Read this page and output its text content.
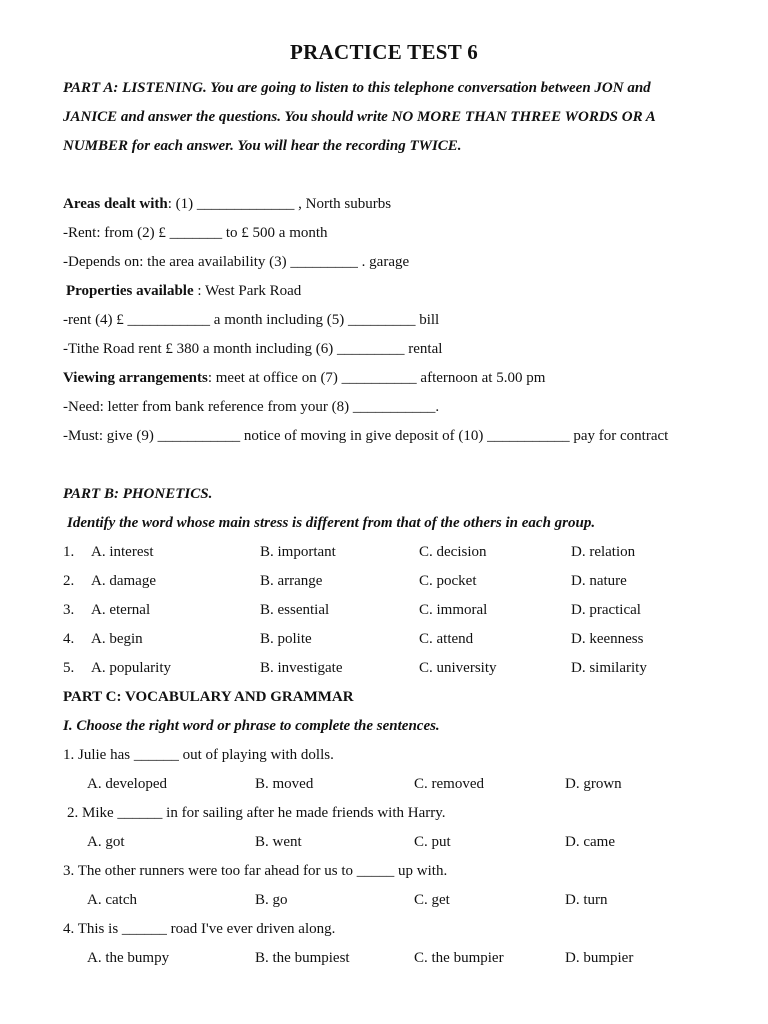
PRACTICE TEST 6
PART A: LISTENING. You are going to listen to this telephone conversation between JON and
JANICE and answer the questions. You should write NO MORE THAN THREE WORDS OR A
NUMBER for each answer. You will hear the recording TWICE.
Areas dealt with: (1) _____________ , North suburbs
-Rent: from (2) £ _______ to £ 500 a month
-Depends on: the area availability (3) _________ . garage
Properties available : West Park Road
-rent (4) £ ___________ a month including (5) _________ bill
-Tithe Road rent £ 380 a month including (6) _________ rental
Viewing arrangements: meet at office on (7) __________ afternoon at 5.00 pm
-Need: letter from bank reference from your (8) ___________.
-Must: give (9) ___________ notice of moving in give deposit of (10) ___________ pay for contract
PART B: PHONETICS.
Identify the word whose main stress is different from that of the others in each group.
1. A. interest	B. important	C. decision	D. relation
2. A. damage	B. arrange	C. pocket	D. nature
3. A. eternal	B. essential	C. immoral	D. practical
4. A. begin	B. polite	C. attend	D. keenness
5. A. popularity	B. investigate	C. university	D. similarity
PART C: VOCABULARY AND GRAMMAR
I. Choose the right word or phrase to complete the sentences.
1. Julie has ______ out of playing with dolls.
A. developed	B. moved	C. removed	D. grown
2. Mike ______ in for sailing after he made friends with Harry.
A. got	B. went	C. put	D. came
3. The other runners were too far ahead for us to _____ up with.
A. catch	B. go	C. get	D. turn
4. This is ______ road I've ever driven along.
A. the bumpy	B. the bumpiest	C. the bumpier	D. bumpier
